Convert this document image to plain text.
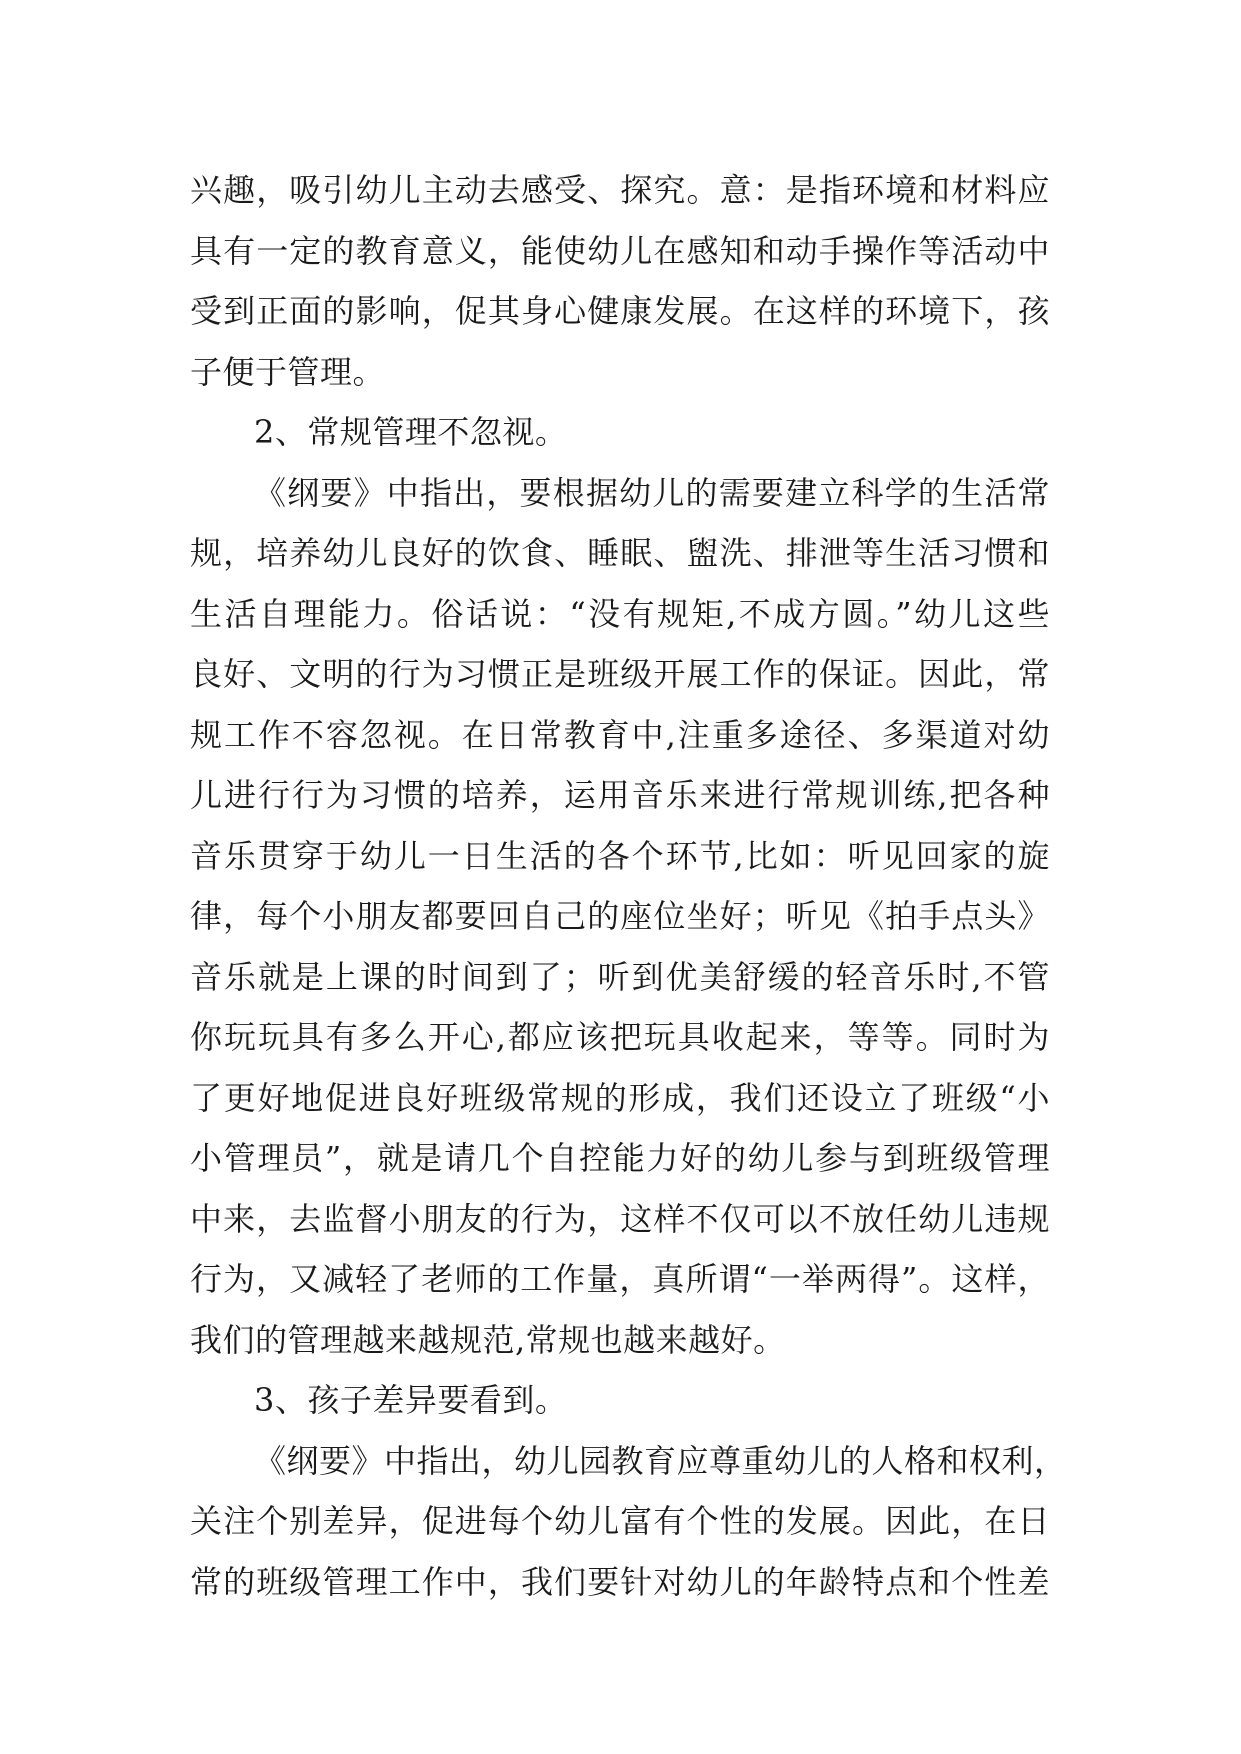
兴趣，吸引幼儿主动去感受、探究。意：是指环境和材料应
具有一定的教育意义，能使幼儿在感知和动手操作等活动中
受到正面的影响，促其身心健康发展。在这样的环境下，孩
子便于管理。
2、常规管理不忽视。
《纲要》中指出，要根据幼儿的需要建立科学的生活常
规，培养幼儿良好的饮食、睡眠、盥洗、排泄等生活习惯和
生活自理能力。俗话说：“没有规矩,不成方圆。”幼儿这些
良好、文明的行为习惯正是班级开展工作的保证。因此，常
规工作不容忽视。在日常教育中,注重多途径、多渠道对幼
儿进行行为习惯的培养，运用音乐来进行常规训练,把各种
音乐贯穿于幼儿一日生活的各个环节,比如：听见回家的旋
律，每个小朋友都要回自己的座位坐好；听见《拍手点头》
音乐就是上课的时间到了；听到优美舒缓的轻音乐时,不管
你玩玩具有多么开心,都应该把玩具收起来，等等。同时为
了更好地促进良好班级常规的形成，我们还设立了班级“小
小管理员”，就是请几个自控能力好的幼儿参与到班级管理
中来，去监督小朋友的行为，这样不仅可以不放任幼儿违规
行为，又减轻了老师的工作量，真所谓“一举两得”。这样，
我们的管理越来越规范,常规也越来越好。
3、孩子差异要看到。
《纲要》中指出，幼儿园教育应尊重幼儿的人格和权利，
关注个别差异，促进每个幼儿富有个性的发展。因此，在日
常的班级管理工作中，我们要针对幼儿的年龄特点和个性差
